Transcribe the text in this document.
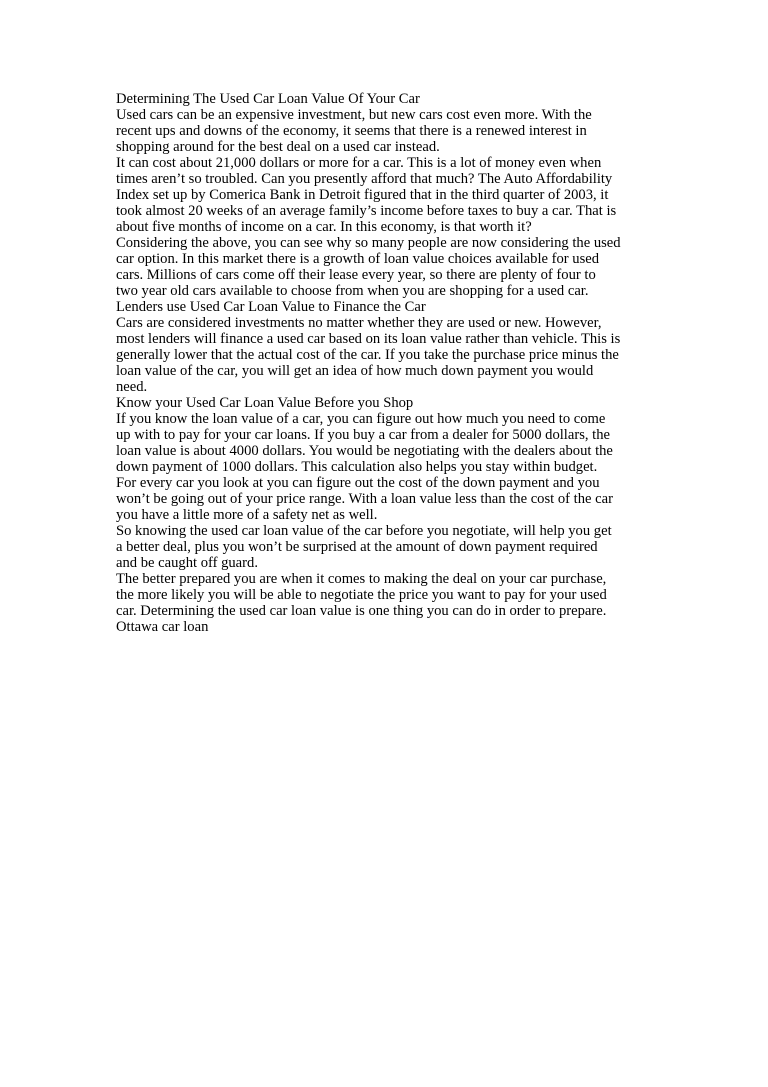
Determining The Used Car Loan Value Of Your Car

Used cars can be an expensive investment, but new cars cost even more. With the
recent ups and downs of the economy, it seems that there is a renewed interest in
shopping around for the best deal on a used car instead.

It can cost about 21,000 dollars or more for a car. This is a lot of money even when
times aren’t so troubled. Can you presently afford that much? The Auto Affordability
Index set up by Comerica Bank in Detroit figured that in the third quarter of 2003, it
took almost 20 weeks of an average family’s income before taxes to buy a car. That is
about five months of income on a car. In this economy, is that worth it?

Considering the above, you can see why so many people are now considering the used
car option. In this market there is a growth of loan value choices available for used
cars. Millions of cars come off their lease every year, so there are plenty of four to
two year old cars available to choose from when you are shopping for a used car.

Lenders use Used Car Loan Value to Finance the Car

Cars are considered investments no matter whether they are used or new. However,
most lenders will finance a used car based on its loan value rather than vehicle. This is
generally lower that the actual cost of the car. If you take the purchase price minus the
loan value of the car, you will get an idea of how much down payment you would
need.

Know your Used Car Loan Value Before you Shop

If you know the loan value of a car, you can figure out how much you need to come
up with to pay for your car loans. If you buy a car from a dealer for 5000 dollars, the
loan value is about 4000 dollars. You would be negotiating with the dealers about the
down payment of 1000 dollars. This calculation also helps you stay within budget.
For every car you look at you can figure out the cost of the down payment and you
won’t be going out of your price range. With a loan value less than the cost of the car
you have a little more of a safety net as well.

So knowing the used car loan value of the car before you negotiate, will help you get
a better deal, plus you won’t be surprised at the amount of down payment required
and be caught off guard.

The better prepared you are when it comes to making the deal on your car purchase,
the more likely you will be able to negotiate the price you want to pay for your used
car. Determining the used car loan value is one thing you can do in order to prepare.

Ottawa car loan
